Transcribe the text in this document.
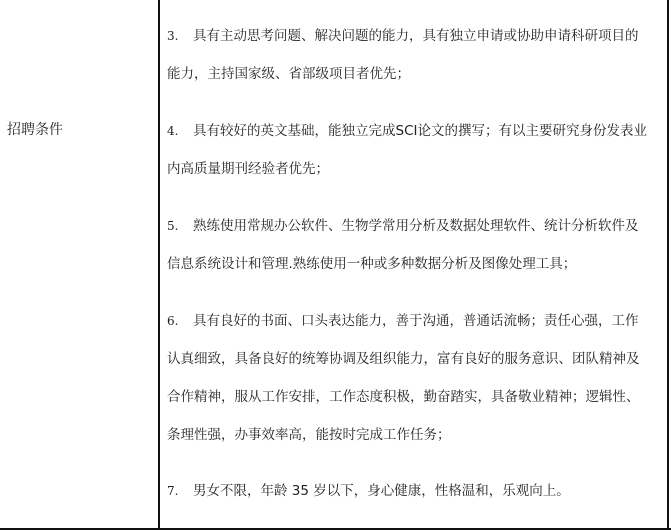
招聘条件
3. 具有主动思考问题、解决问题的能力，具有独立申请或协助申请科研项目的
能力，主持国家级、省部级项目者优先；
4. 具有较好的英文基础，能独立完成SCI论文的撰写；有以主要研究身份发表业
内高质量期刊经验者优先；
5. 熟练使用常规办公软件、生物学常用分析及数据处理软件、统计分析软件及
信息系统设计和管理.熟练使用一种或多种数据分析及图像处理工具；
6. 具有良好的书面、口头表达能力，善于沟通，普通话流畅；责任心强，工作
认真细致，具备良好的统筹协调及组织能力，富有良好的服务意识、团队精神及
合作精神，服从工作安排，工作态度积极，勤奋踏实，具备敬业精神；逻辑性、
条理性强，办事效率高，能按时完成工作任务；
7. 男女不限，年龄 35 岁以下，身心健康，性格温和，乐观向上。
